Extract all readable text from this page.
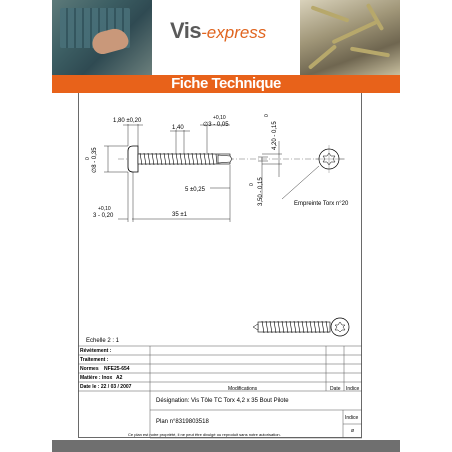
Vis-express
Fiche Technique
1,80 ±0,20
1,40
+0,10
∅3 - 0,05	4,20 - 0,15
0
∅8 - 0,35
0
5 ±0,25	3,50 - 0,15
0
+0,10
3 - 0,20	35 ±1
Empreinte Torx n°20
Echelle 2 : 1
Révètement :
Traitement :
Normes NFE25-654
Matière : Inox A2
Date le : 22 / 03 / 2007	Modifications	Date Indice
Désignation: Vis Tôle TC Torx 4,2 x 35 Bout Pilote
Plan n°8319803518
Indice
ø
Ce plan est notre propriété, il ne peut être divulgé ou reproduit sans notre autorisation.
